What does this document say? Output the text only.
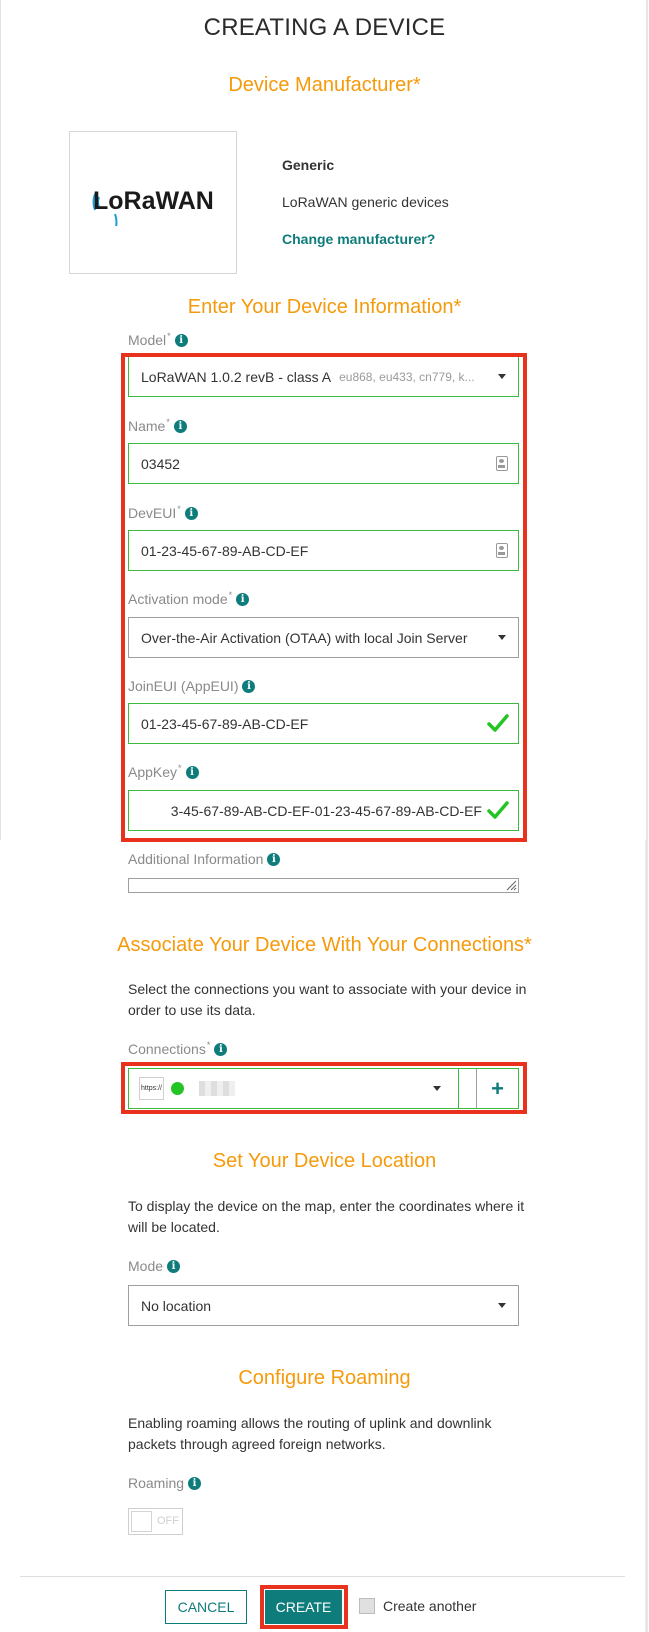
CREATING A DEVICE
Device Manufacturer*
LoRaWAN
Generic
LoRaWAN generic devices
Change manufacturer?
Enter Your Device Information*
Model * i
LoRaWAN 1.0.2 revB - class A eu868, eu433, cn779, k...
Name * i
03452
DevEUI * i
01-23-45-67-89-AB-CD-EF
Activation mode * i
Over-the-Air Activation (OTAA) with local Join Server
JoinEUI (AppEUI) i
01-23-45-67-89-AB-CD-EF
AppKey * i
3-45-67-89-AB-CD-EF-01-23-45-67-89-AB-CD-EF
Additional Information i
Associate Your Device With Your Connections*
Select the connections you want to associate with your device in order to use its data.
Connections * i
https://	+
Set Your Device Location
To display the device on the map, enter the coordinates where it will be located.
Mode i
No location
Configure Roaming
Enabling roaming allows the routing of uplink and downlink packets through agreed foreign networks.
Roaming i
OFF
CANCEL	CREATE	Create another
